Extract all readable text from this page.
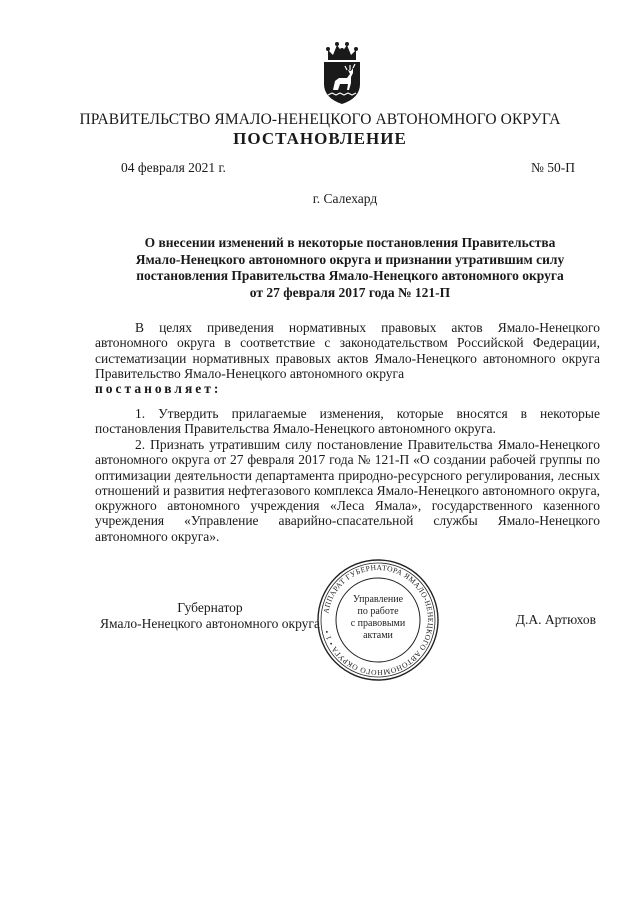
ПРАВИТЕЛЬСТВО ЯМАЛО-НЕНЕЦКОГО АВТОНОМНОГО ОКРУГА
ПОСТАНОВЛЕНИЕ
04 февраля 2021 г.	№ 50-П
г. Салехард
О внесении изменений в некоторые постановления Правительства
Ямало-Ненецкого автономного округа и признании утратившим силу
постановления Правительства Ямало-Ненецкого автономного округа
от 27 февраля 2017 года № 121-П
В целях приведения нормативных правовых актов Ямало-Ненецкого автономного округа в соответствие с законодательством Российской Федерации, систематизации нормативных правовых актов Ямало-Ненецкого автономного округа Правительство Ямало-Ненецкого автономного округа
постановляет:
1. Утвердить прилагаемые изменения, которые вносятся в некоторые постановления Правительства Ямало-Ненецкого автономного округа.
2. Признать утратившим силу постановление Правительства Ямало-Ненецкого автономного округа от 27 февраля 2017 года № 121-П «О создании рабочей группы по оптимизации деятельности департамента природно-ресурсного регулирования, лесных отношений и развития нефтегазового комплекса Ямало-Ненецкого автономного округа, окружного автономного учреждения «Леса Ямала», государственного казенного учреждения «Управление аварийно-спасательной службы Ямало-Ненецкого автономного округа».
Губернатор
Ямало-Ненецкого автономного округа	Д.А. Артюхов
АППАРАТ ГУБЕРНАТОРА ЯМАЛО-НЕНЕЦКОГО АВТОНОМНОГО ОКРУГА • 1 •
Управление
по работе
с правовыми
актами
